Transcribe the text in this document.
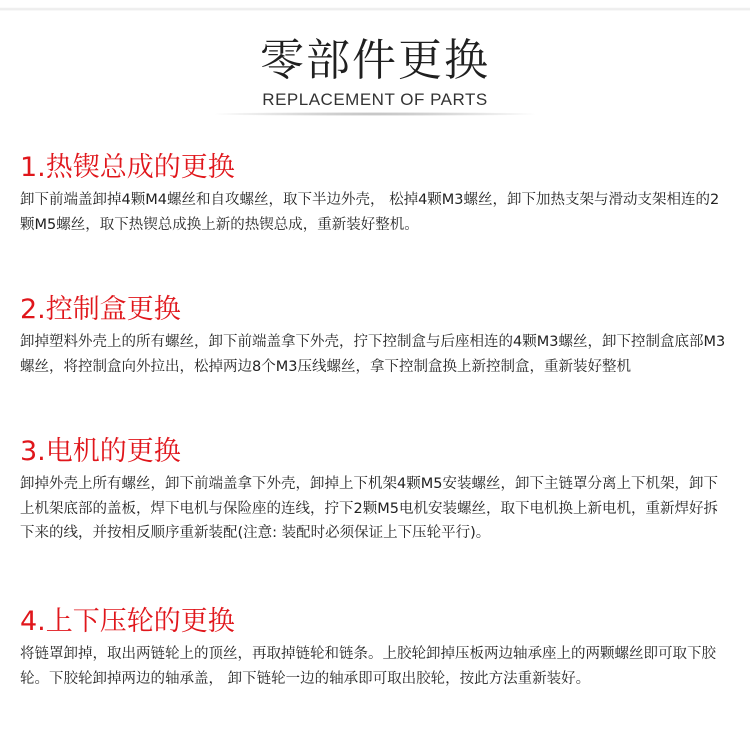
零部件更换
REPLACEMENT OF PARTS
1.热锲总成的更换

卸下前端盖卸掉4颗M4螺丝和自攻螺丝，取下半边外壳， 松掉4颗M3螺丝，卸下加热支架与滑动支架相连的2颗M5螺丝，取下热锲总成换上新的热锲总成，重新装好整机。

2.控制盒更换

卸掉塑料外壳上的所有螺丝，卸下前端盖拿下外壳，拧下控制盒与后座相连的4颗M3螺丝，卸下控制盒底部M3螺丝，将控制盒向外拉出，松掉两边8个M3压线螺丝，拿下控制盒换上新控制盒，重新装好整机

3.电机的更换

卸掉外壳上所有螺丝，卸下前端盖拿下外壳，卸掉上下机架4颗M5安装螺丝，卸下主链罩分离上下机架，卸下上机架底部的盖板，焊下电机与保险座的连线，拧下2颗M5电机安装螺丝，取下电机换上新电机，重新焊好拆下来的线，并按相反顺序重新装配(注意: 装配时必须保证上下压轮平行)。

4.上下压轮的更换

将链罩卸掉，取出两链轮上的顶丝，再取掉链轮和链条。上胶轮卸掉压板两边轴承座上的两颗螺丝即可取下胶轮。下胶轮卸掉两边的轴承盖， 卸下链轮一边的轴承即可取出胶轮，按此方法重新装好。
